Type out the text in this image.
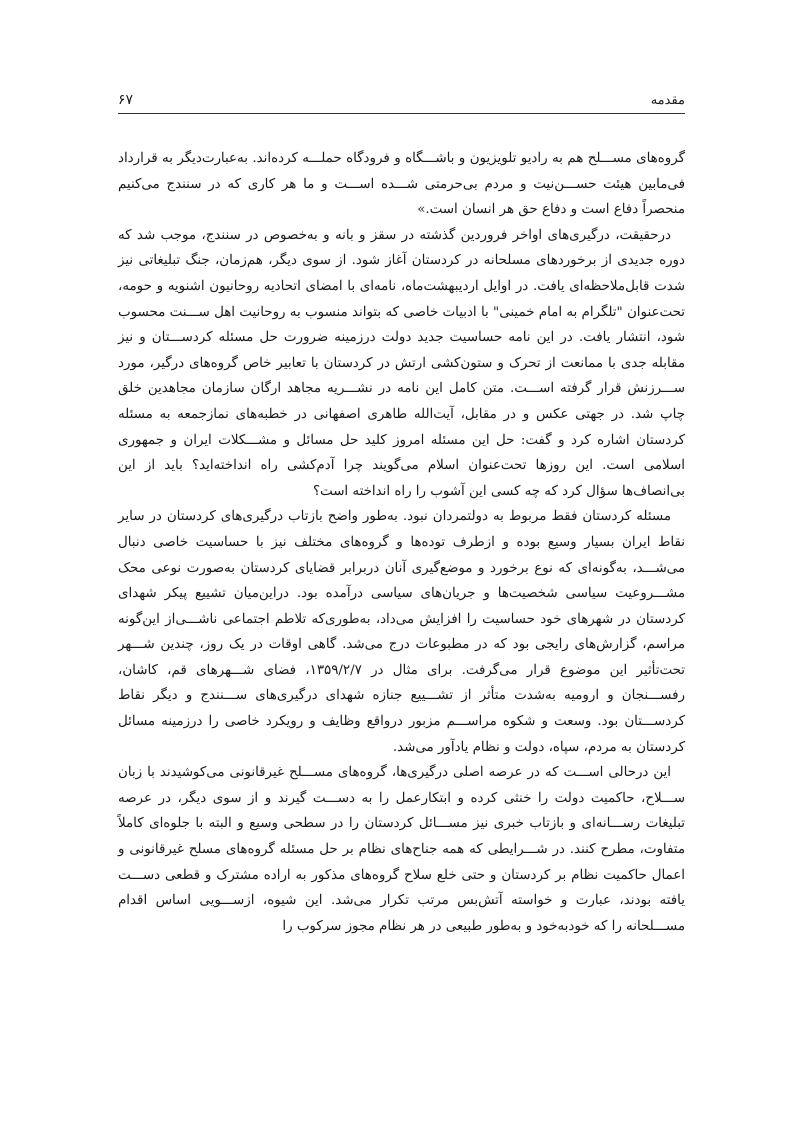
مقدمه
۶۷

گروه‌های مســـلح هم به رادیو تلویزیون و باشـــگاه و فرودگاه حملـــه کرده‌اند. به‌عبارت‌دیگر به قرارداد فی‌مابین هیئت حســـن‌نیت و مردم بی‌حرمتی شـــده اســـت و ما هر کاری که در سنندج می‌کنیم منحصراً دفاع است و دفاع حق هر انسان است.»

درحقیقت، درگیری‌های اواخر فروردین گذشته در سقز و بانه و به‌خصوص در سنندج، موجب شد که دوره جدیدی از برخوردهای مسلحانه در کردستان آغاز شود. از سوی دیگر، هم‌زمان، جنگ تبلیغاتی نیز شدت قابل‌ملاحظه‌ای یافت. در اوایل اردیبهشت‌ماه، نامه‌ای با امضای اتحادیه روحانیون اشنویه و حومه، تحت‌عنوان "تلگرام به امام خمینی" با ادبیات خاصی که بتواند منسوب به روحانیت اهل ســـنت محسوب شود، انتشار یافت. در این نامه حساسیت جدید دولت درزمینه ضرورت حل مسئله کردســـتان و نیز مقابله جدی با ممانعت از تحرک و ستون‌کشی ارتش در کردستان با تعابیر خاص گروه‌های درگیر، مورد ســـرزنش قرار گرفته اســـت. متن کامل این نامه در نشـــریه مجاهد ارگان سازمان مجاهدین خلق چاپ شد. در جهتی عکس و در مقابل، آیت‌الله طاهری اصفهانی در خطبه‌های نمازجمعه به مسئله کردستان اشاره کرد و گفت: حل این مسئله امروز کلید حل مسائل و مشـــکلات ایران و جمهوری اسلامی است. این روزها تحت‌عنوان اسلام می‌گویند چرا آدم‌کشی راه انداخته‌اید؟ باید از این بی‌انصاف‌ها سؤال کرد که چه کسی این آشوب را راه انداخته است؟

مسئله کردستان فقط مربوط به دولتمردان نبود. به‌طور واضح بازتاب درگیری‌های کردستان در سایر نقاط ایران بسیار وسیع بوده و ازطرف توده‌ها و گروه‌های مختلف نیز با حساسیت خاصی دنبال می‌شـــد، به‌گونه‌ای که نوع برخورد و موضع‌گیری آنان دربرابر قضایای کردستان به‌صورت نوعی محک مشـــروعیت سیاسی شخصیت‌ها و جریان‌های سیاسی درآمده بود. دراین‌میان تشییع پیکر شهدای کردستان در شهرهای خود حساسیت را افزایش می‌داد، به‌طوری‌که تلاطم اجتماعی ناشـــی‌از این‌گونه مراسم، گزارش‌های رایجی بود که در مطبوعات درج می‌شد. گاهی اوقات در یک روز، چندین شـــهر تحت‌تأثیر این موضوع قرار می‌گرفت. برای مثال در ۱۳۵۹/۲/۷، فضای شـــهرهای قم، کاشان، رفســـنجان و ارومیه به‌شدت متأثر از تشـــییع جنازه شهدای درگیری‌های ســـنندج و دیگر نقاط کردســـتان بود. وسعت و شکوه مراســـم مزبور درواقع وظایف و رویکرد خاصی را درزمینه مسائل کردستان به مردم، سپاه، دولت و نظام یادآور می‌شد.

این درحالی اســـت که در عرصه اصلی درگیری‌ها، گروه‌های مســـلح غیرقانونی می‌کوشیدند با زبان ســـلاح، حاکمیت دولت را خنثی کرده و ابتکارعمل را به دســـت گیرند و از سوی دیگر، در عرصه تبلیغات رســـانه‌ای و بازتاب خبری نیز مســـائل کردستان را در سطحی وسیع و البته با جلوه‌ای کاملاً متفاوت، مطرح کنند. در شـــرایطی که همه جناح‌های نظام بر حل مسئله گروه‌های مسلح غیرقانونی و اعمال حاکمیت نظام بر کردستان و حتی خلع سلاح گروه‌های مذکور به اراده مشترک و قطعی دســـت یافته بودند، عبارت و خواسته آتش‌بس مرتب تکرار می‌شد. این شیوه، ازســـویی اساس اقدام مســـلحانه را که خودبه‌خود و به‌طور طبیعی در هر نظام مجوز سرکوب را
